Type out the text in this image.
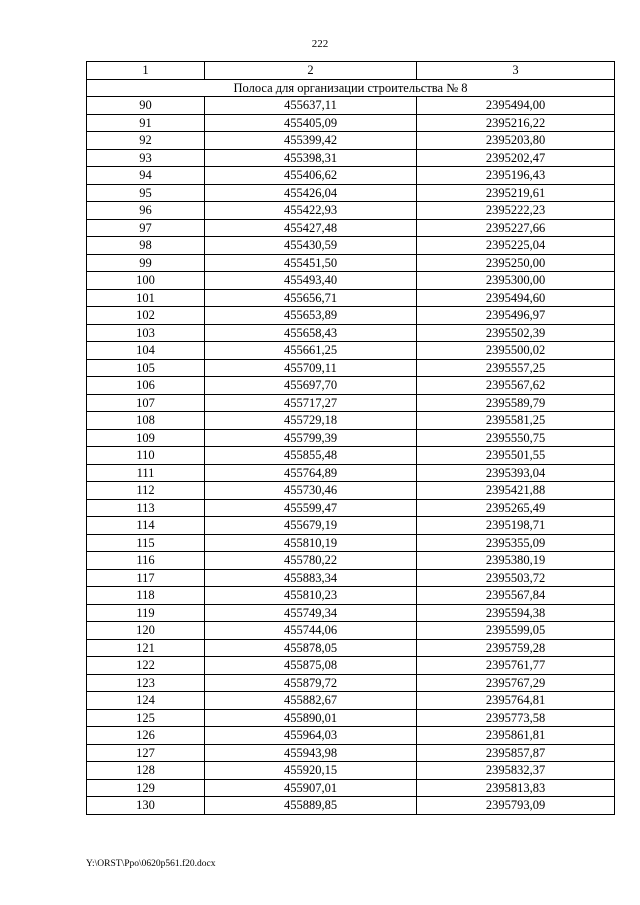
222
1	2	3
Полоса для организации строительства № 8		
90	455637,11	2395494,00
91	455405,09	2395216,22
92	455399,42	2395203,80
93	455398,31	2395202,47
94	455406,62	2395196,43
95	455426,04	2395219,61
96	455422,93	2395222,23
97	455427,48	2395227,66
98	455430,59	2395225,04
99	455451,50	2395250,00
100	455493,40	2395300,00
101	455656,71	2395494,60
102	455653,89	2395496,97
103	455658,43	2395502,39
104	455661,25	2395500,02
105	455709,11	2395557,25
106	455697,70	2395567,62
107	455717,27	2395589,79
108	455729,18	2395581,25
109	455799,39	2395550,75
110	455855,48	2395501,55
111	455764,89	2395393,04
112	455730,46	2395421,88
113	455599,47	2395265,49
114	455679,19	2395198,71
115	455810,19	2395355,09
116	455780,22	2395380,19
117	455883,34	2395503,72
118	455810,23	2395567,84
119	455749,34	2395594,38
120	455744,06	2395599,05
121	455878,05	2395759,28
122	455875,08	2395761,77
123	455879,72	2395767,29
124	455882,67	2395764,81
125	455890,01	2395773,58
126	455964,03	2395861,81
127	455943,98	2395857,87
128	455920,15	2395832,37
129	455907,01	2395813,83
130	455889,85	2395793,09
Y:\ORST\Ppo\0620p561.f20.docx
